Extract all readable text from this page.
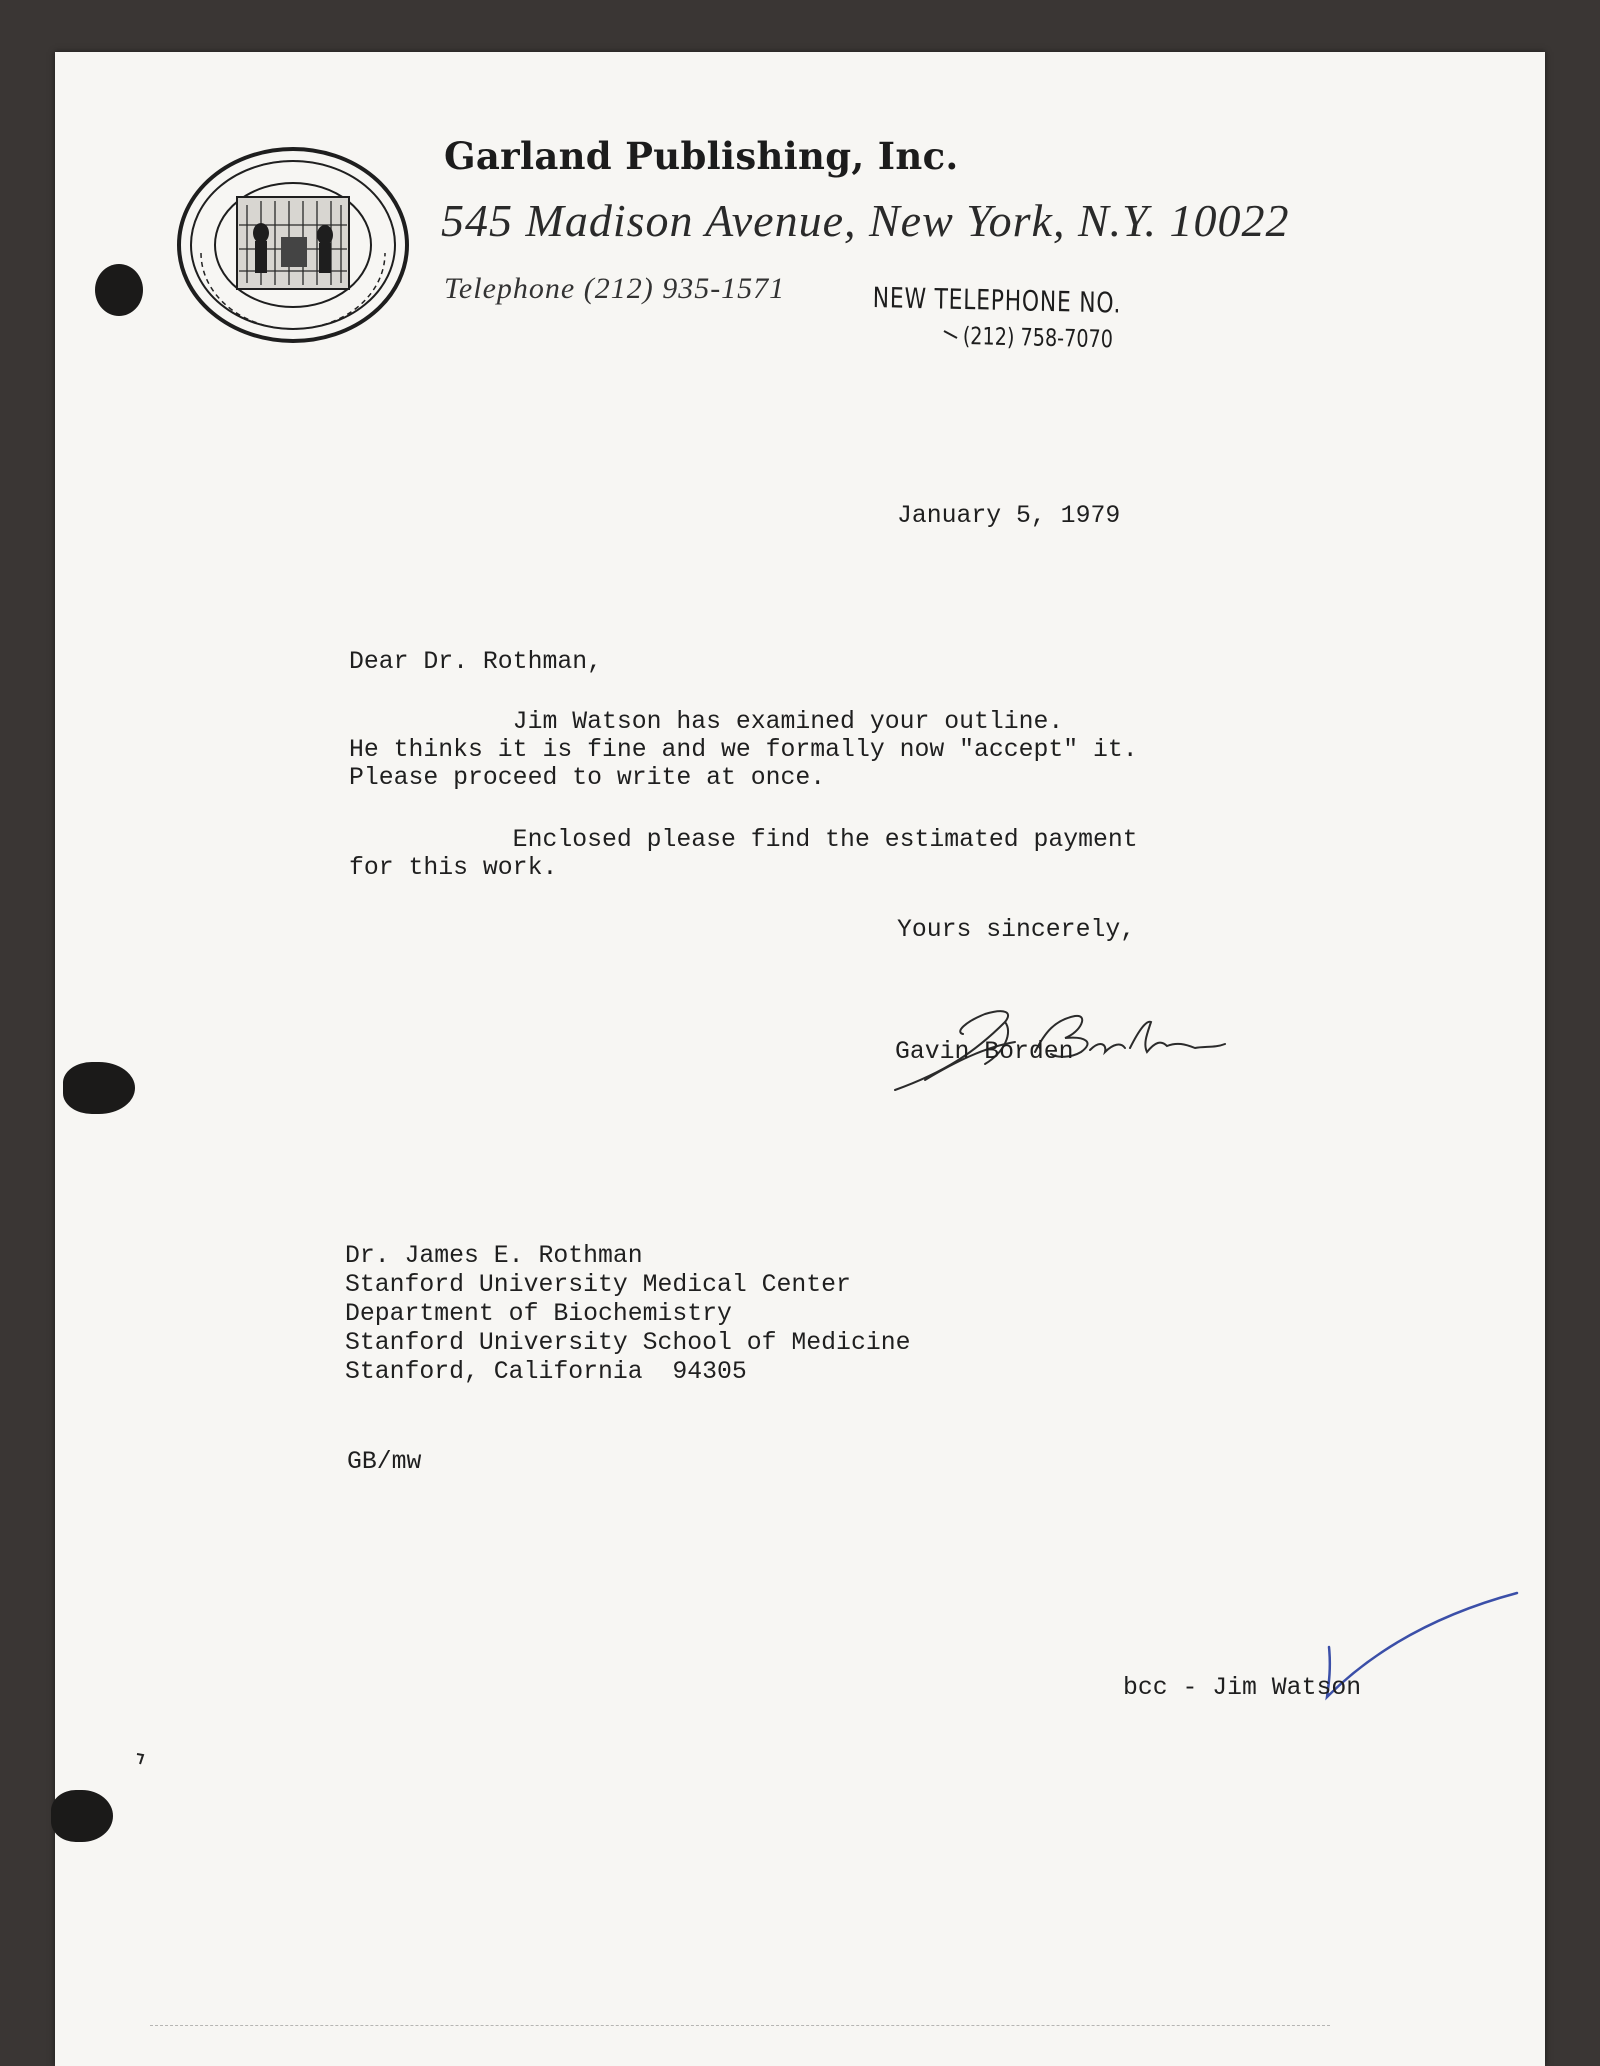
Garland Publishing, Inc.
545 Madison Avenue, New York, N.Y. 10022
Telephone (212) 935-1571	NEW TELEPHONE NO.
(212) 758-7070
January 5, 1979
Dear Dr. Rothman,
Jim Watson has examined your outline.
He thinks it is fine and we formally now "accept" it.
Please proceed to write at once.
Enclosed please find the estimated payment
for this work.
Yours sincerely,
Gavin Borden
Dr. James E. Rothman
Stanford University Medical Center
Department of Biochemistry
Stanford University School of Medicine
Stanford, California  94305
GB/mw
bcc - Jim Watson
